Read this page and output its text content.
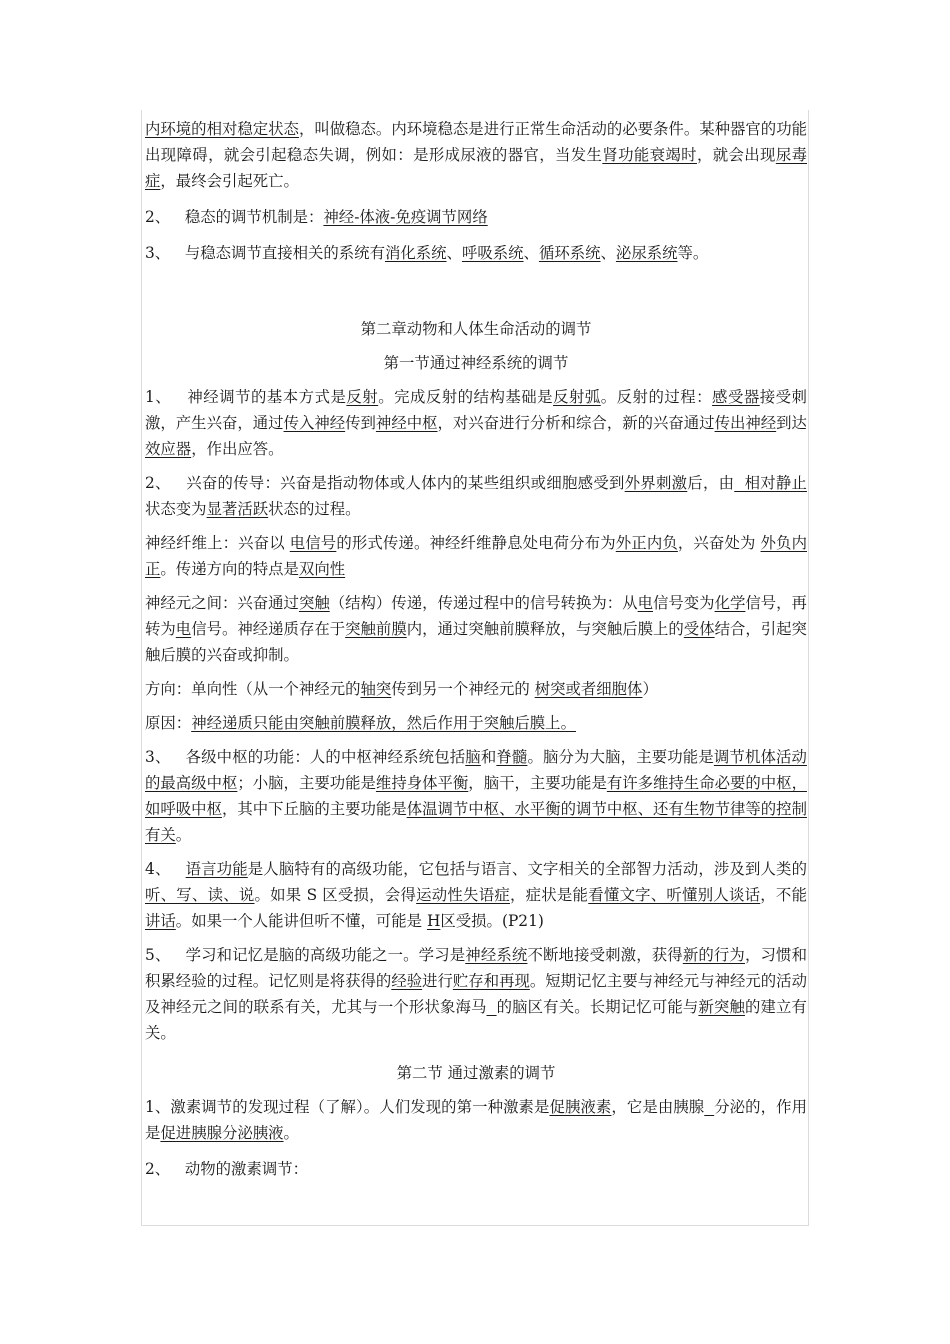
内环境的相对稳定状态，叫做稳态。内环境稳态是进行正常生命活动的必要条件。某种器官的功能出现障碍，就会引起稳态失调，例如：是形成尿液的器官，当发生肾功能衰竭时，就会出现尿毒症，最终会引起死亡。

2、 稳态的调节机制是：神经-体液-免疫调节网络

3、 与稳态调节直接相关的系统有消化系统、呼吸系统、循环系统、泌尿系统等。

第二章动物和人体生命活动的调节

第一节通过神经系统的调节

1、 神经调节的基本方式是反射。完成反射的结构基础是反射弧。反射的过程：感受器接受刺激，产生兴奋，通过传入神经传到神经中枢，对兴奋进行分析和综合，新的兴奋通过传出神经到达效应器，作出应答。

2、 兴奋的传导：兴奋是指动物体或人体内的某些组织或细胞感受到外界刺激后，由  相对静止状态变为显著活跃状态的过程。

神经纤维上：兴奋以 电信号的形式传递。神经纤维静息处电荷分布为外正内负，兴奋处为 外负内正。传递方向的特点是双向性

神经元之间：兴奋通过突触（结构）传递，传递过程中的信号转换为：从电信号变为化学信号，再转为电信号。神经递质存在于突触前膜内，通过突触前膜释放，与突触后膜上的受体结合，引起突触后膜的兴奋或抑制。

方向：单向性（从一个神经元的轴突传到另一个神经元的 树突或者细胞体）

原因：神经递质只能由突触前膜释放，然后作用于突触后膜上。

3、 各级中枢的功能：人的中枢神经系统包括脑和脊髓。脑分为大脑，主要功能是调节机体活动的最高级中枢；小脑，主要功能是维持身体平衡，脑干，主要功能是有许多维持生命必要的中枢，如呼吸中枢，其中下丘脑的主要功能是体温调节中枢、水平衡的调节中枢、还有生物节律等的控制有关。

4、 语言功能是人脑特有的高级功能，它包括与语言、文字相关的全部智力活动，涉及到人类的听、写、读、说。如果 S 区受损，会得运动性失语症，症状是能看懂文字、听懂别人谈话，不能讲话。如果一个人能讲但听不懂，可能是 H区受损。(P21)

5、 学习和记忆是脑的高级功能之一。学习是神经系统不断地接受刺激，获得新的行为，习惯和积累经验的过程。记忆则是将获得的经验进行贮存和再现。短期记忆主要与神经元与神经元的活动及神经元之间的联系有关，尤其与一个形状象海马 的脑区有关。长期记忆可能与新突触的建立有关。

第二节 通过激素的调节

1、激素调节的发现过程（了解）。人们发现的第一种激素是促胰液素，它是由胰腺 分泌的，作用是促进胰腺分泌胰液。

2、 动物的激素调节：
